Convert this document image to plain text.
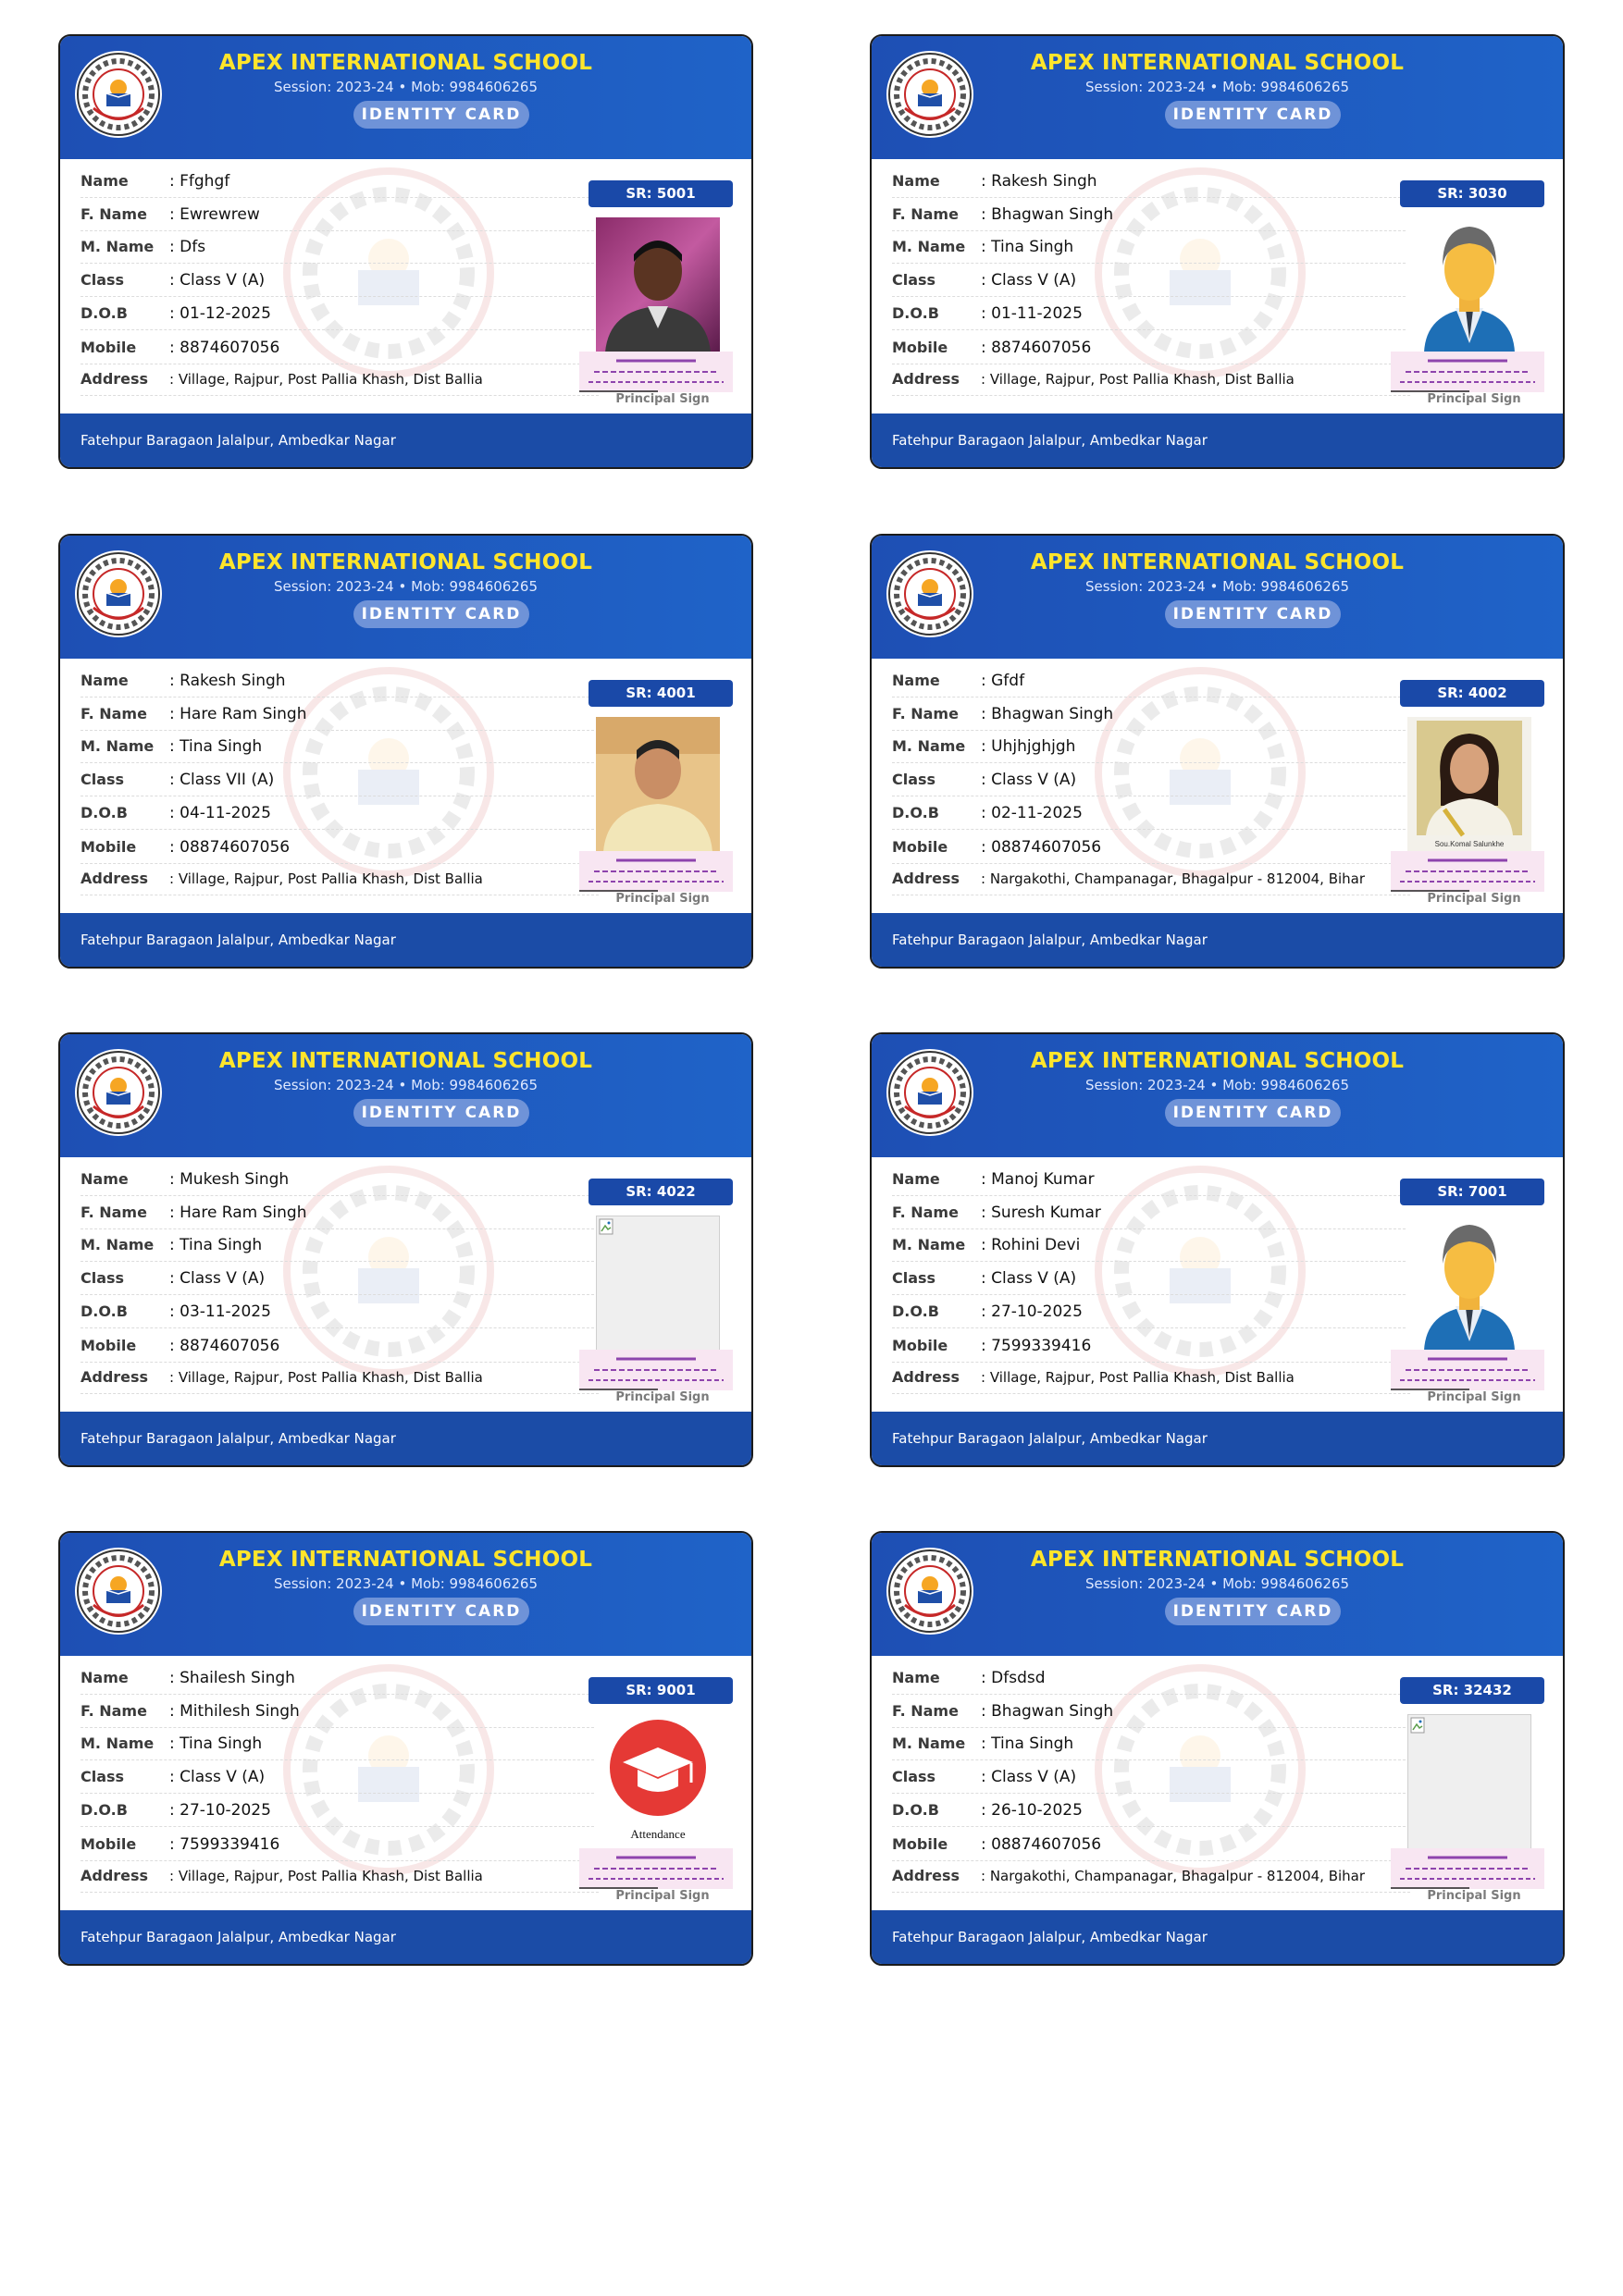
APEX INTERNATIONAL SCHOOL
Session: 2023-24 • Mob: 9984606265
IDENTITY CARD
Name	: Ffghgf
F. Name	: Ewrewrew
M. Name : Dfs
Class	: Class V (A)
D.O.B	: 01-12-2025
Mobile	: 8874607056
Address	: Village, Rajpur, Post Pallia Khash, Dist Ballia
SR: 5001
Principal Sign
Fatehpur Baragaon Jalalpur, Ambedkar Nagar
APEX INTERNATIONAL SCHOOL
Session: 2023-24 • Mob: 9984606265
IDENTITY CARD
Name	: Rakesh Singh
F. Name	: Bhagwan Singh
M. Name : Tina Singh
Class	: Class V (A)
D.O.B	: 01-11-2025
Mobile	: 8874607056
Address	: Village, Rajpur, Post Pallia Khash, Dist Ballia
SR: 3030
Principal Sign
Fatehpur Baragaon Jalalpur, Ambedkar Nagar
APEX INTERNATIONAL SCHOOL
Session: 2023-24 • Mob: 9984606265
IDENTITY CARD
Name	: Rakesh Singh
F. Name	: Hare Ram Singh
M. Name : Tina Singh
Class	: Class VII (A)
D.O.B	: 04-11-2025
Mobile	: 08874607056
Address	: Village, Rajpur, Post Pallia Khash, Dist Ballia
SR: 4001
Principal Sign
Fatehpur Baragaon Jalalpur, Ambedkar Nagar
APEX INTERNATIONAL SCHOOL
Session: 2023-24 • Mob: 9984606265
IDENTITY CARD
Name	: Gfdf
F. Name	: Bhagwan Singh
M. Name : Uhjhjghjgh
Class	: Class V (A)
D.O.B	: 02-11-2025
Mobile	: 08874607056
Address	: Nargakothi, Champanagar, Bhagalpur - 812004, Bihar
SR: 4002
Sou.Komal Salunkhe
Principal Sign
Fatehpur Baragaon Jalalpur, Ambedkar Nagar
APEX INTERNATIONAL SCHOOL
Session: 2023-24 • Mob: 9984606265
IDENTITY CARD
Name	: Mukesh Singh
F. Name	: Hare Ram Singh
M. Name : Tina Singh
Class	: Class V (A)
D.O.B	: 03-11-2025
Mobile	: 8874607056
Address	: Village, Rajpur, Post Pallia Khash, Dist Ballia
SR: 4022
Principal Sign
Fatehpur Baragaon Jalalpur, Ambedkar Nagar
APEX INTERNATIONAL SCHOOL
Session: 2023-24 • Mob: 9984606265
IDENTITY CARD
Name	: Manoj Kumar
F. Name	: Suresh Kumar
M. Name : Rohini Devi
Class	: Class V (A)
D.O.B	: 27-10-2025
Mobile	: 7599339416
Address	: Village, Rajpur, Post Pallia Khash, Dist Ballia
SR: 7001
Principal Sign
Fatehpur Baragaon Jalalpur, Ambedkar Nagar
APEX INTERNATIONAL SCHOOL
Session: 2023-24 • Mob: 9984606265
IDENTITY CARD
Name	: Shailesh Singh
F. Name	: Mithilesh Singh
M. Name : Tina Singh
Class	: Class V (A)
D.O.B	: 27-10-2025
Mobile	: 7599339416
Address	: Village, Rajpur, Post Pallia Khash, Dist Ballia
SR: 9001
Attendance
Principal Sign
Fatehpur Baragaon Jalalpur, Ambedkar Nagar
APEX INTERNATIONAL SCHOOL
Session: 2023-24 • Mob: 9984606265
IDENTITY CARD
Name	: Dfsdsd
F. Name	: Bhagwan Singh
M. Name : Tina Singh
Class	: Class V (A)
D.O.B	: 26-10-2025
Mobile	: 08874607056
Address	: Nargakothi, Champanagar, Bhagalpur - 812004, Bihar
SR: 32432
Principal Sign
Fatehpur Baragaon Jalalpur, Ambedkar Nagar
